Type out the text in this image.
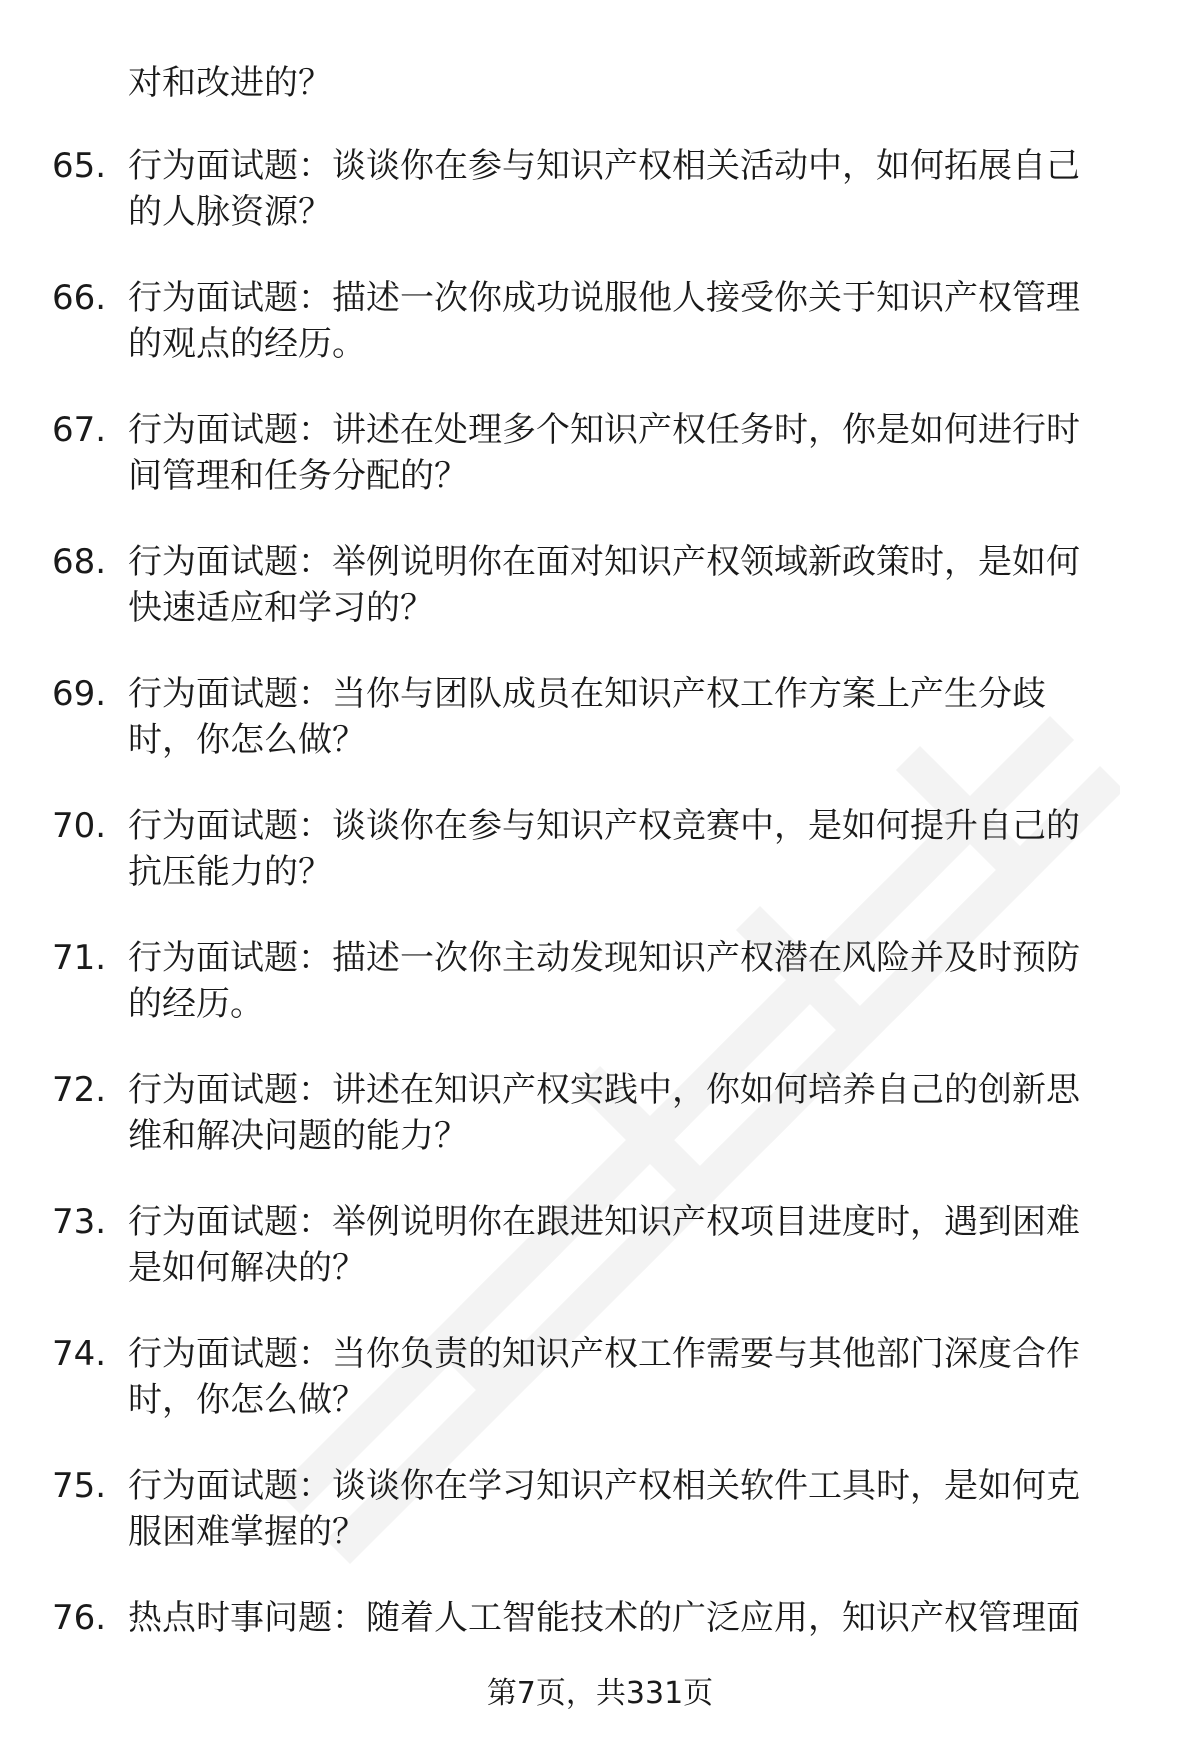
对和改进的？
65. 行为面试题：谈谈你在参与知识产权相关活动中，如何拓展自己
的人脉资源？
66. 行为面试题：描述一次你成功说服他人接受你关于知识产权管理
的观点的经历。
67. 行为面试题：讲述在处理多个知识产权任务时，你是如何进行时
间管理和任务分配的？
68. 行为面试题：举例说明你在面对知识产权领域新政策时，是如何
快速适应和学习的？
69. 行为面试题：当你与团队成员在知识产权工作方案上产生分歧
时，你怎么做？
70. 行为面试题：谈谈你在参与知识产权竞赛中，是如何提升自己的
抗压能力的？
71. 行为面试题：描述一次你主动发现知识产权潜在风险并及时预防
的经历。
72. 行为面试题：讲述在知识产权实践中，你如何培养自己的创新思
维和解决问题的能力？
73. 行为面试题：举例说明你在跟进知识产权项目进度时，遇到困难
是如何解决的？
74. 行为面试题：当你负责的知识产权工作需要与其他部门深度合作
时，你怎么做？
75. 行为面试题：谈谈你在学习知识产权相关软件工具时，是如何克
服困难掌握的？
76. 热点时事问题：随着人工智能技术的广泛应用，知识产权管理面
第7页，共331页
